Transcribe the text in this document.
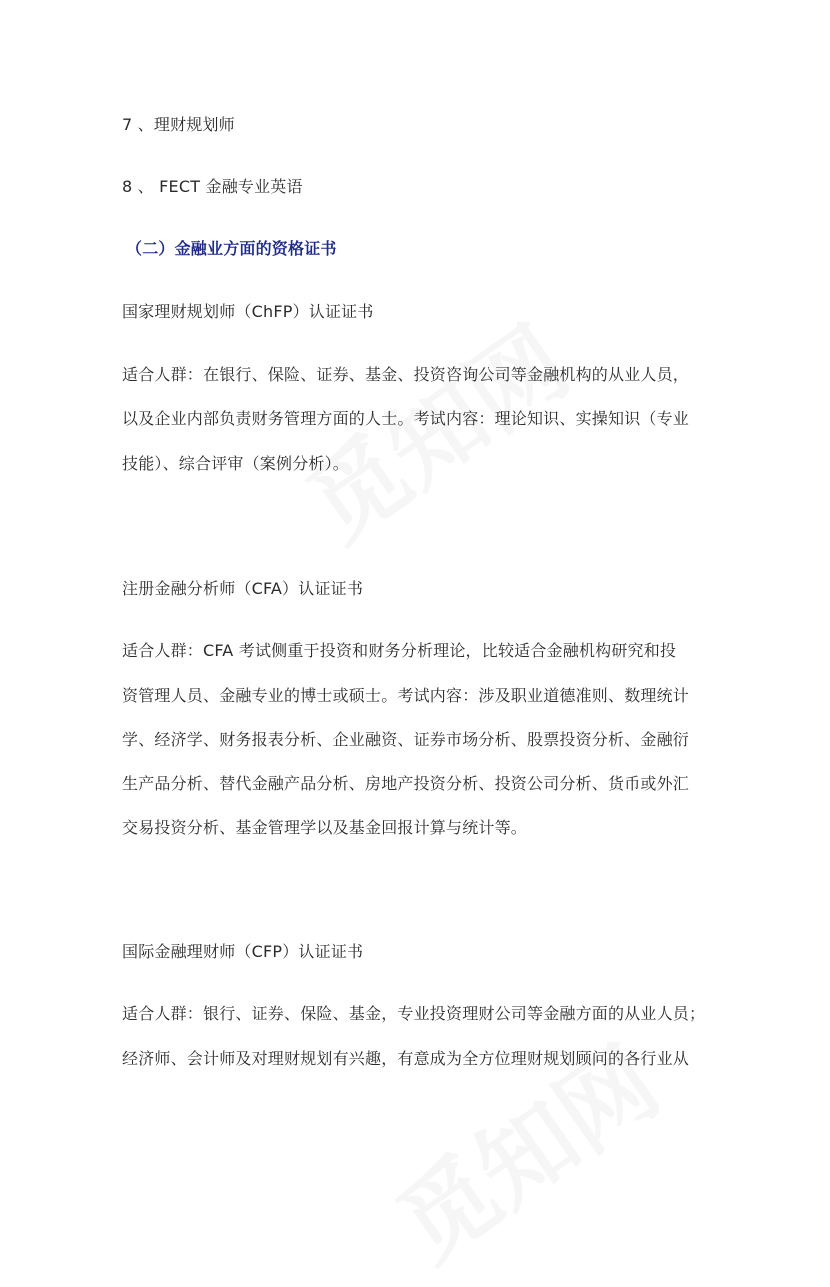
7 、理财规划师
8 、 FECT 金融专业英语
（二）金融业方面的资格证书
国家理财规划师（ChFP）认证证书
适合人群：在银行、保险、证券、基金、投资咨询公司等金融机构的从业人员，
以及企业内部负责财务管理方面的人士。考试内容：理论知识、实操知识（专业
技能）、综合评审（案例分析）。
注册金融分析师（CFA）认证证书
适合人群：CFA 考试侧重于投资和财务分析理论，比较适合金融机构研究和投
资管理人员、金融专业的博士或硕士。考试内容：涉及职业道德准则、数理统计
学、经济学、财务报表分析、企业融资、证券市场分析、股票投资分析、金融衍
生产品分析、替代金融产品分析、房地产投资分析、投资公司分析、货币或外汇
交易投资分析、基金管理学以及基金回报计算与统计等。
国际金融理财师（CFP）认证证书
适合人群：银行、证券、保险、基金，专业投资理财公司等金融方面的从业人员；
经济师、会计师及对理财规划有兴趣，有意成为全方位理财规划顾问的各行业从
